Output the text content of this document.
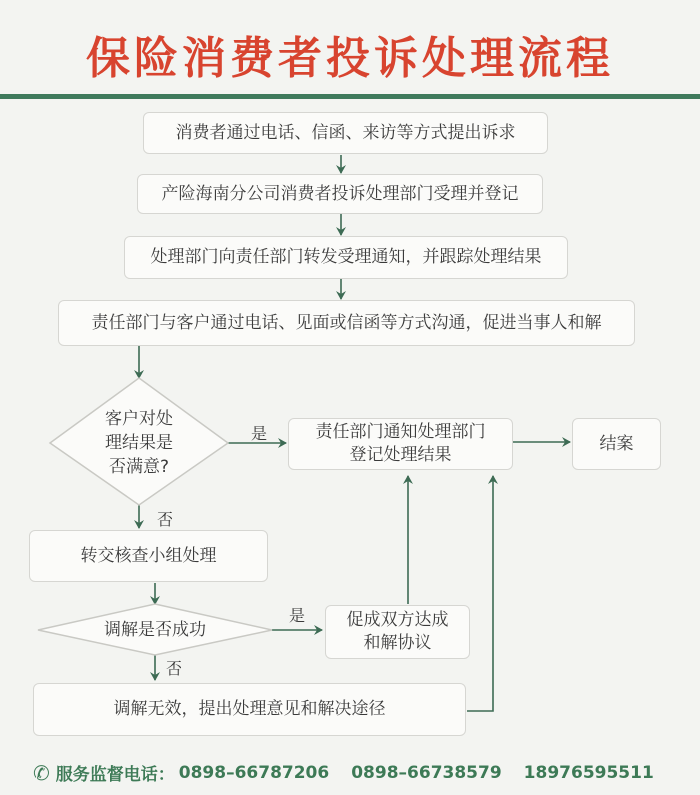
保险消费者投诉处理流程
消费者通过电话、信函、来访等方式提出诉求
产险海南分公司消费者投诉处理部门受理并登记
处理部门向责任部门转发受理通知，并跟踪处理结果
责任部门与客户通过电话、见面或信函等方式沟通，促进当事人和解
客户对处
理结果是
否满意?
责任部门通知处理部门
登记处理结果
结案
转交核查小组处理
调解是否成功	促成双方达成
和解协议
调解无效，提出处理意见和解决途径
是
否
是
否
✆ 服务监督电话： 0898–66787206 0898–66738579 18976595511
